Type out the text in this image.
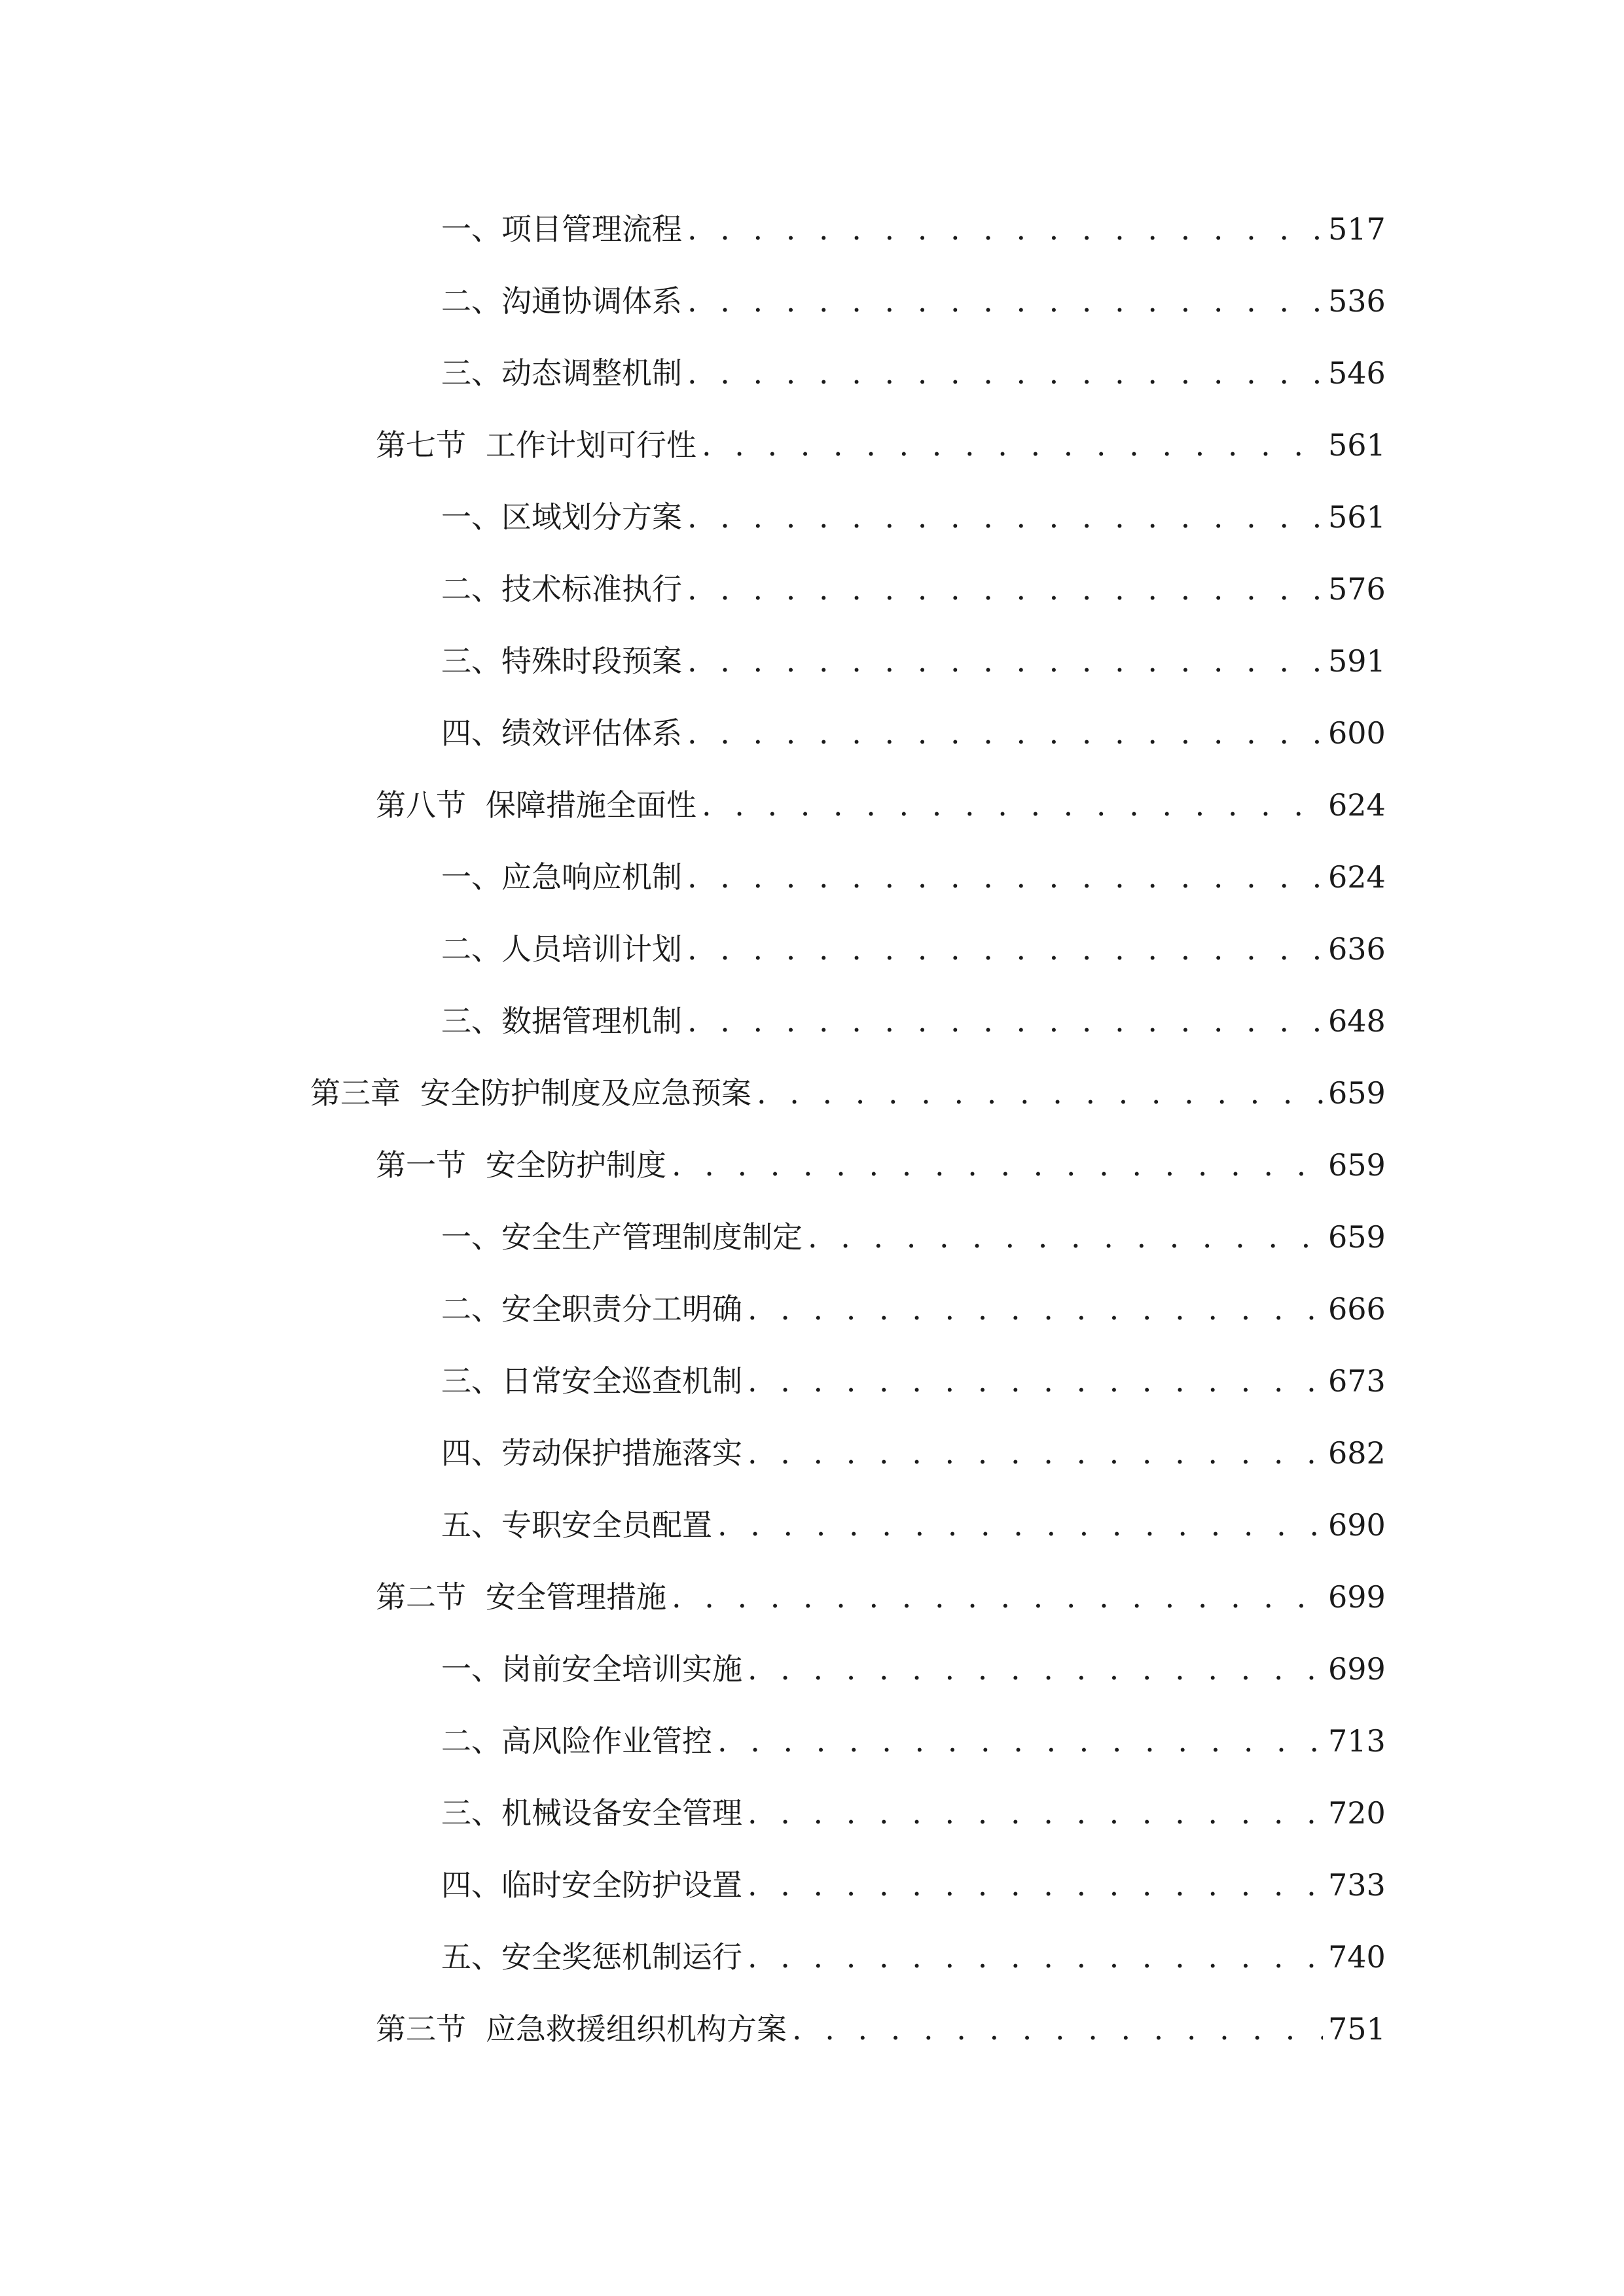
一、 项目管理流程 . . .	517
二、 沟通协调体系 . . .	536
三、 动态调整机制 . . .	546
第七节 工作计划可行性 . . .	561
一、 区域划分方案 . . .	561
二、 技术标准执行 . . .	576
三、 特殊时段预案 . . .	591
四、 绩效评估体系 . . .	600
第八节 保障措施全面性 . . .	624
一、 应急响应机制 . . .	624
二、 人员培训计划 . . .	636
三、 数据管理机制 . . .	648
第三章 安全防护制度及应急预案 . . .	659
第一节 安全防护制度 . . .	659
一、 安全生产管理制度制定 . . .	659
二、 安全职责分工明确 . . .	666
三、 日常安全巡查机制 . . .	673
四、 劳动保护措施落实 . . .	682
五、 专职安全员配置 . . .	690
第二节 安全管理措施 . . .	699
一、 岗前安全培训实施 . . .	699
二、 高风险作业管控 . . .	713
三、 机械设备安全管理 . . .	720
四、 临时安全防护设置 . . .	733
五、 安全奖惩机制运行 . . .	740
第三节 应急救援组织机构方案 . . .	751
